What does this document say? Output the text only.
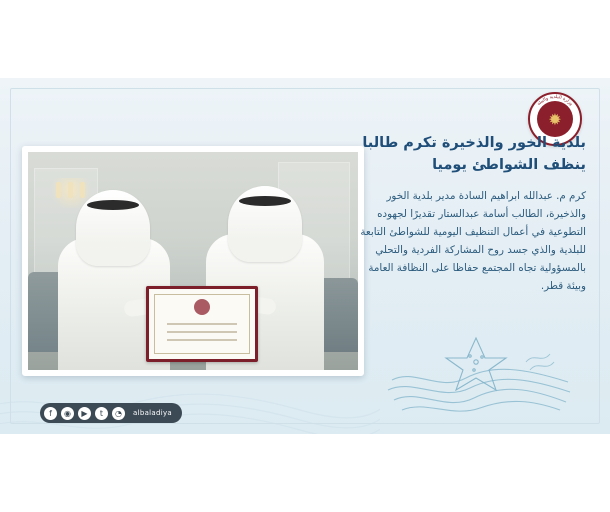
وزارة البلدية والبيئة
✹
f	◉	▶	t	◔	albaladiya
بلدية الخور والذخيرة تكرم طالبا
ينظف الشواطئ يوميا

كرم م. عبدالله ابراهيم السادة مدير بلدية الخور والذخيرة، الطالب أسامة عبدالستار تقديرًا لجهوده التطوعية في أعمال التنظيف اليومية للشواطئ التابعة للبلدية والذي جسد روح المشاركة الفردية والتحلي بالمسؤولية تجاه المجتمع حفاظا على النظافة العامة وبيئة قطر.
